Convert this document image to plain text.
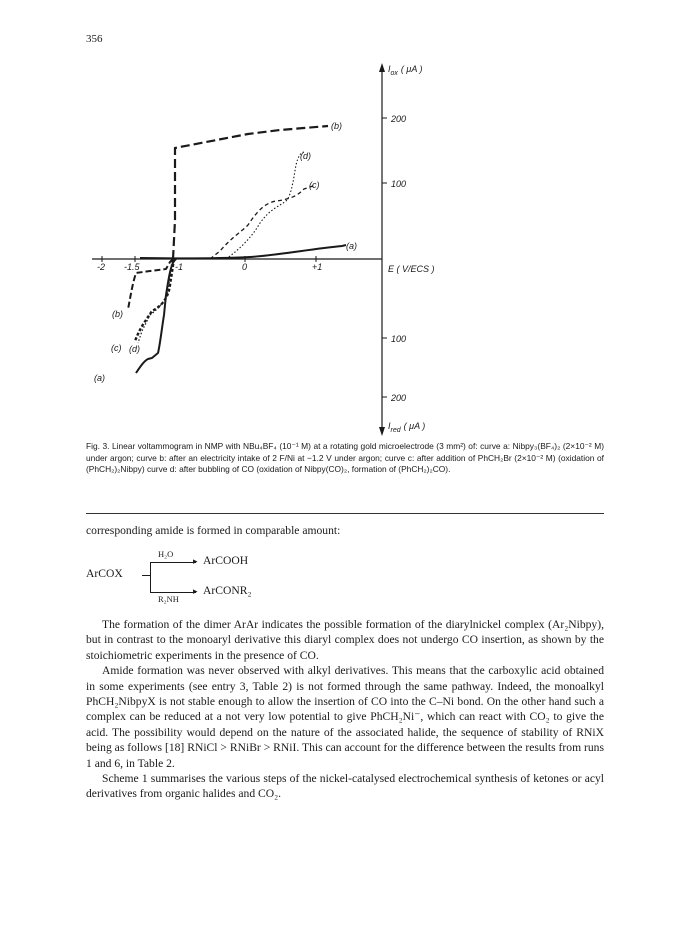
356
$I_{ox}$ ( μA )
$I_{red}$ ( μA )
E ( V/ECS )
-2 -1.5	-1	0	+1
200
100
100
200
(b)
(d)
(c)
(a)
(b)
(c) (d)
(a)
Fig. 3. Linear voltammogram in NMP with NBu₄BF₄ (10⁻¹ M) at a rotating gold microelectrode (3 mm²) of: curve a: Nibpy₃(BF₄)₂ (2×10⁻² M) under argon; curve b: after an electricity intake of 2 F/Ni at −1.2 V under argon; curve c: after addition of PhCH₂Br (2×10⁻² M) (oxidation of (PhCH₂)₂Nibpy) curve d: after bubbling of CO (oxidation of Nibpy(CO)₂, formation of (PhCH₂)₂CO).
corresponding amide is formed in comparable amount:
ArCOX
▸
▸
H₂O	ArCOOH
R₂NH
ArCONR₂

The formation of the dimer ArAr indicates the possible formation of the diarylnickel complex (Ar₂Nibpy), but in contrast to the monoaryl derivative this diaryl complex does not undergo CO insertion, as shown by the stoichiometric experiments in the presence of CO.

Amide formation was never observed with alkyl derivatives. This means that the carboxylic acid obtained in some experiments (see entry 3, Table 2) is not formed through the same pathway. Indeed, the monoalkyl PhCH₂NibpyX is not stable enough to allow the insertion of CO into the C–Ni bond. On the other hand such a complex can be reduced at a not very low potential to give PhCH₂Ni⁻, which can react with CO₂ to give the acid. The possibility would depend on the nature of the associated halide, the sequence of stability of RNiX being as follows [18] RNiCl > RNiBr > RNiI. This can account for the difference between the results from runs 1 and 6, in Table 2.

Scheme 1 summarises the various steps of the nickel-catalysed electrochemical synthesis of ketones or acyl derivatives from organic halides and CO₂.
